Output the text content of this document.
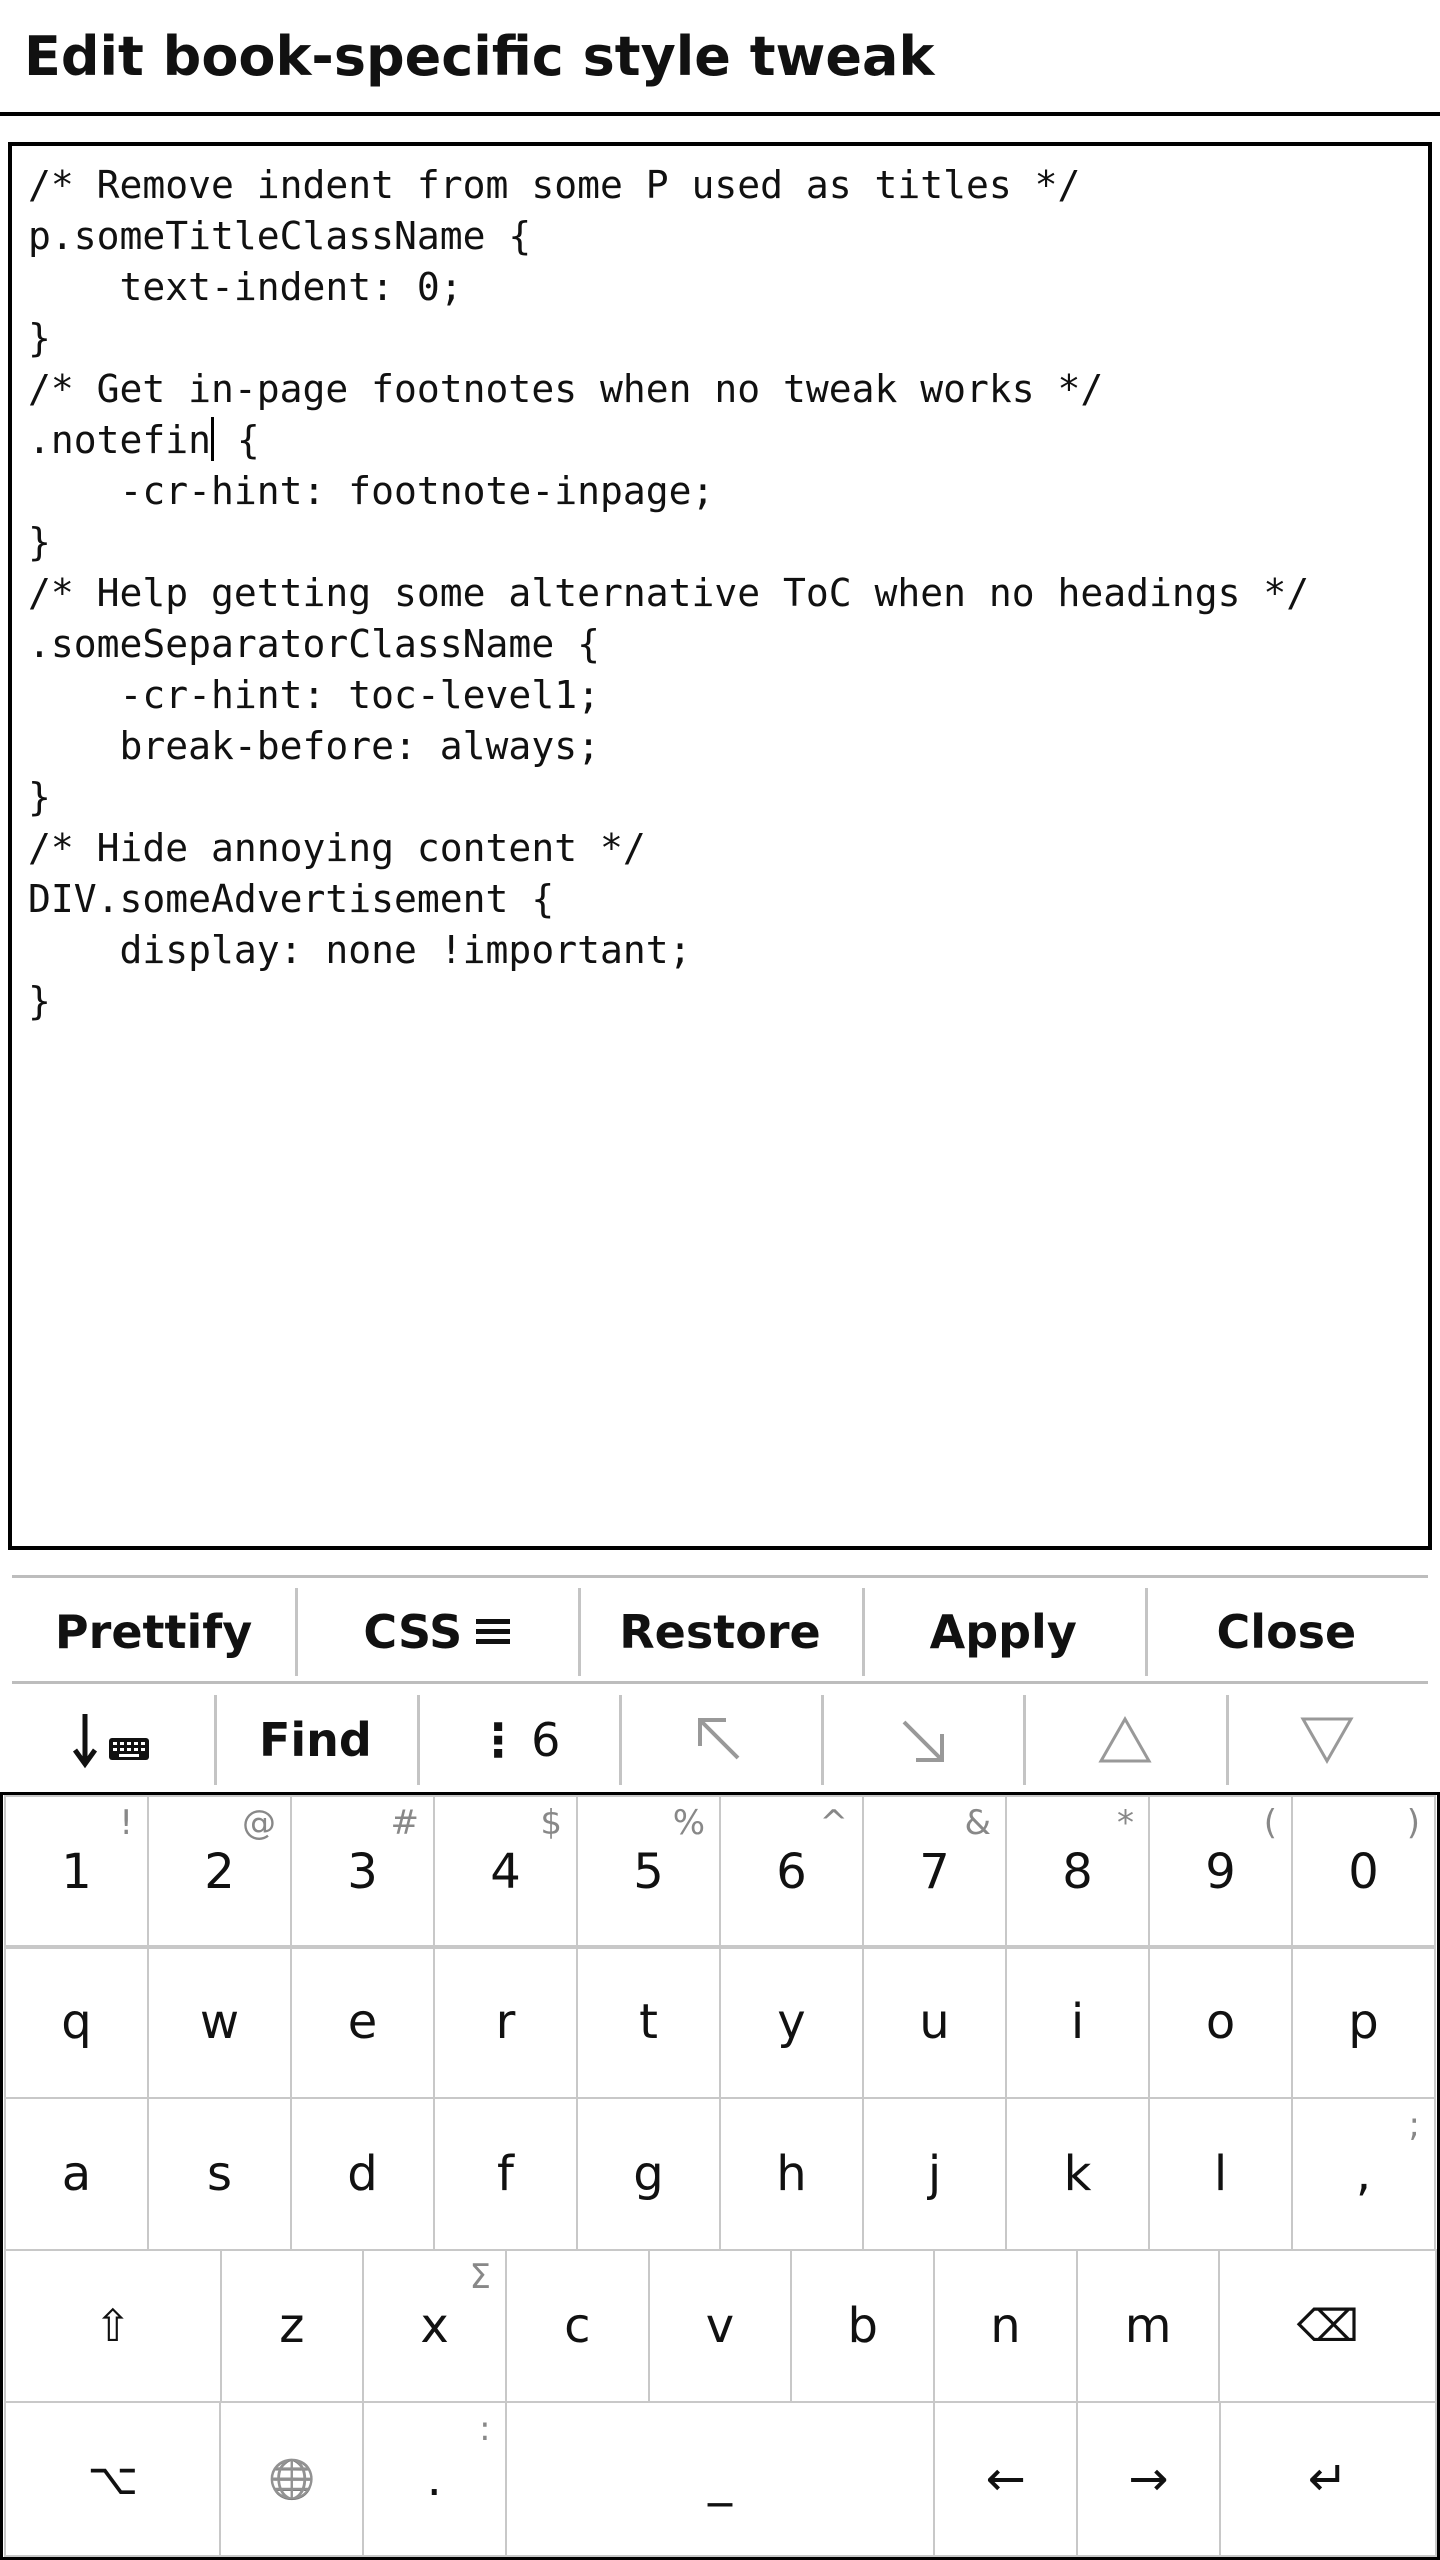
Edit book-specific style tweak
/* Remove indent from some P used as titles */
p.someTitleClassName {
text-indent: 0;
}
/* Get in-page footnotes when no tweak works */
.notefin {
-cr-hint: footnote-inpage;
}
/* Help getting some alternative ToC when no headings */
.someSeparatorClassName {
-cr-hint: toc-level1;
break-before: always;
}
/* Hide annoying content */
DIV.someAdvertisement {
display: none !important;
}
Prettify CSS	Restore Apply	Close
Find ⋮ 6
1
!
2
@
3
#
4
$
5
%
6
^
7
&
8
*
9
(
0
)
q w e r	t y u	i	o p
a s d f g h	j	k	l	,
;
⇧	z x
Σ
c v b n m	⌫
⌥	🌐 .
:
_	← →	↵
